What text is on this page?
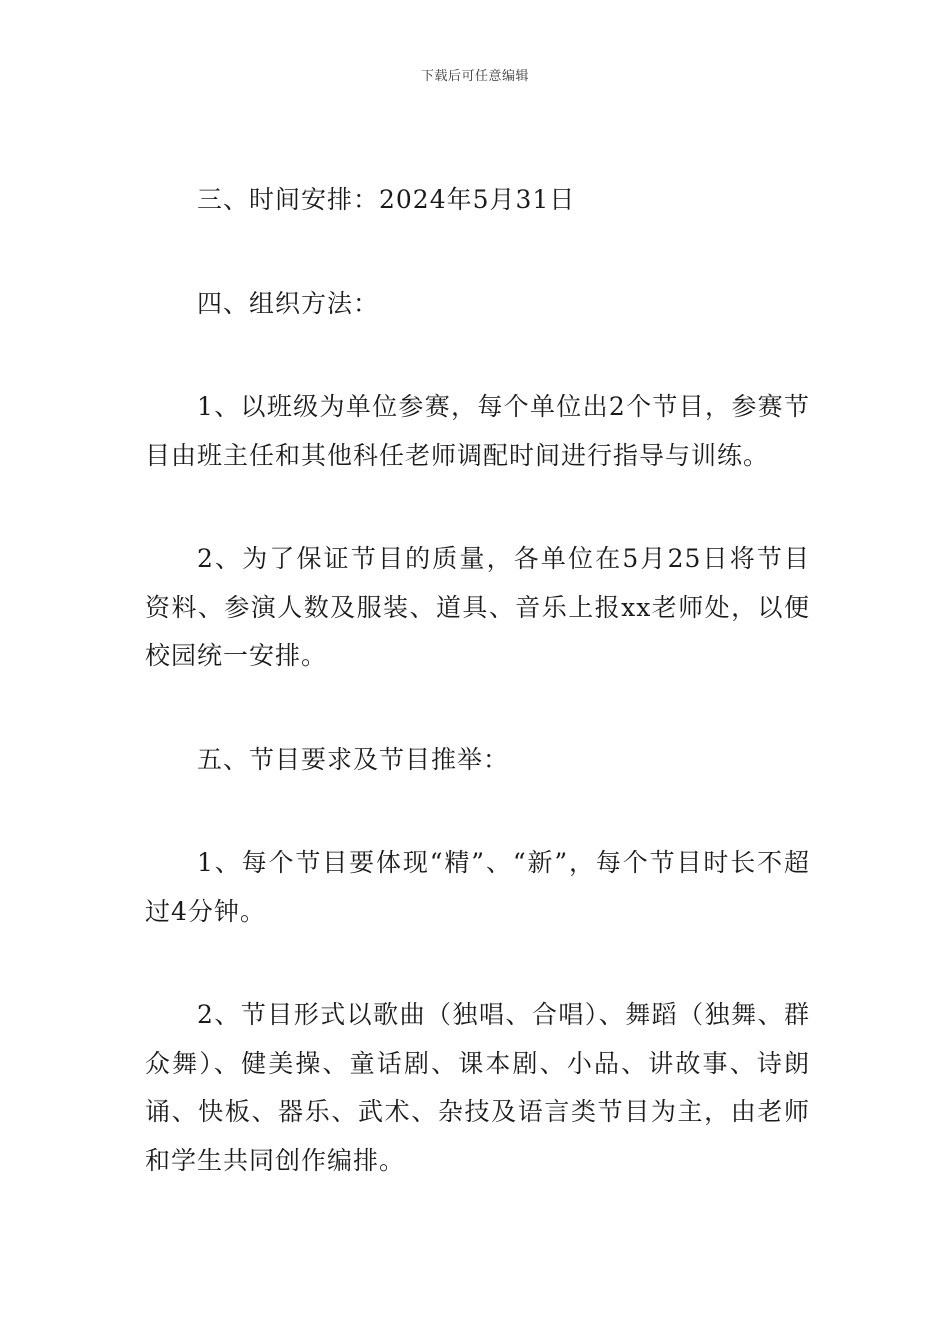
下载后可任意编辑

三、时间安排：2024年5月31日

四、组织方法：

1、以班级为单位参赛，每个单位出2个节目，参赛节目由班主任和其他科任老师调配时间进行指导与训练。

2、为了保证节目的质量，各单位在5月25日将节目资料、参演人数及服装、道具、音乐上报xx老师处，以便校园统一安排。

五、节目要求及节目推举：

1、每个节目要体现“精”、“新”，每个节目时长不超过4分钟。

2、节目形式以歌曲（独唱、合唱）、舞蹈（独舞、群众舞）、健美操、童话剧、课本剧、小品、讲故事、诗朗诵、快板、器乐、武术、杂技及语言类节目为主，由老师和学生共同创作编排。
